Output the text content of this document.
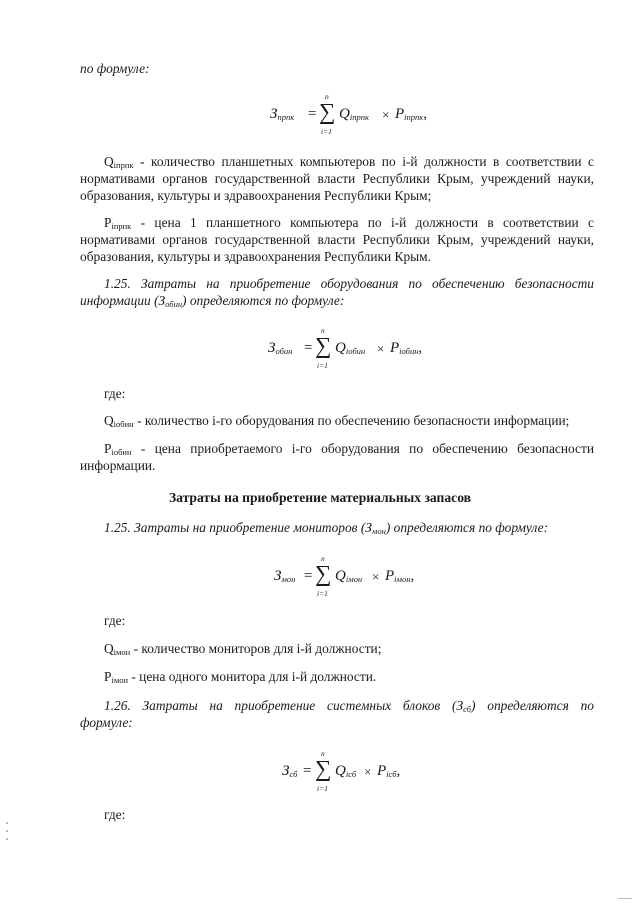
по формуле:
$З_{прпк}$ =
n
∑
i=1
$Q_{iпрпк} \times P_{iпрпк}$,
$Q_{iпрпк}$ - количество планшетных компьютеров по i-й должности в соответствии с
нормативами органов государственной власти Республики Крым, учреждений науки,
образования, культуры и здравоохранения Республики Крым;
$P_{iпрпк}$ - цена 1 планшетного компьютера по i-й должности в соответствии с
нормативами органов государственной власти Республики Крым, учреждений науки,
образования, культуры и здравоохранения Республики Крым.
1.25. Затраты на приобретение оборудования по обеспечению безопасности
информации $(З_{обин})$ определяются по формуле:
$З_{обин}$ =
n
∑
i=1
$Q_{iобин} \times P_{iобин}$,
где:
$Q_{iобин}$ - количество i-го оборудования по обеспечению безопасности информации;
$P_{iобин}$ - цена приобретаемого i-го оборудования по обеспечению безопасности
информации.
Затраты на приобретение материальных запасов
1.25. Затраты на приобретение мониторов $(З_{мон})$ определяются по формуле:
$З_{мон}$ =
n
∑
i=1
$Q_{iмон} \times P_{iмон}$,
где:
$Q_{iмон}$ - количество мониторов для i-й должности;
$P_{iмон}$ - цена одного монитора для i-й должности.
1.26. Затраты на приобретение системных блоков $(З_{сб})$ определяются по
формуле:
$З_{сб}$ =
n
∑
i=1
$Q_{iсб} \times P_{iсб}$,
где:
